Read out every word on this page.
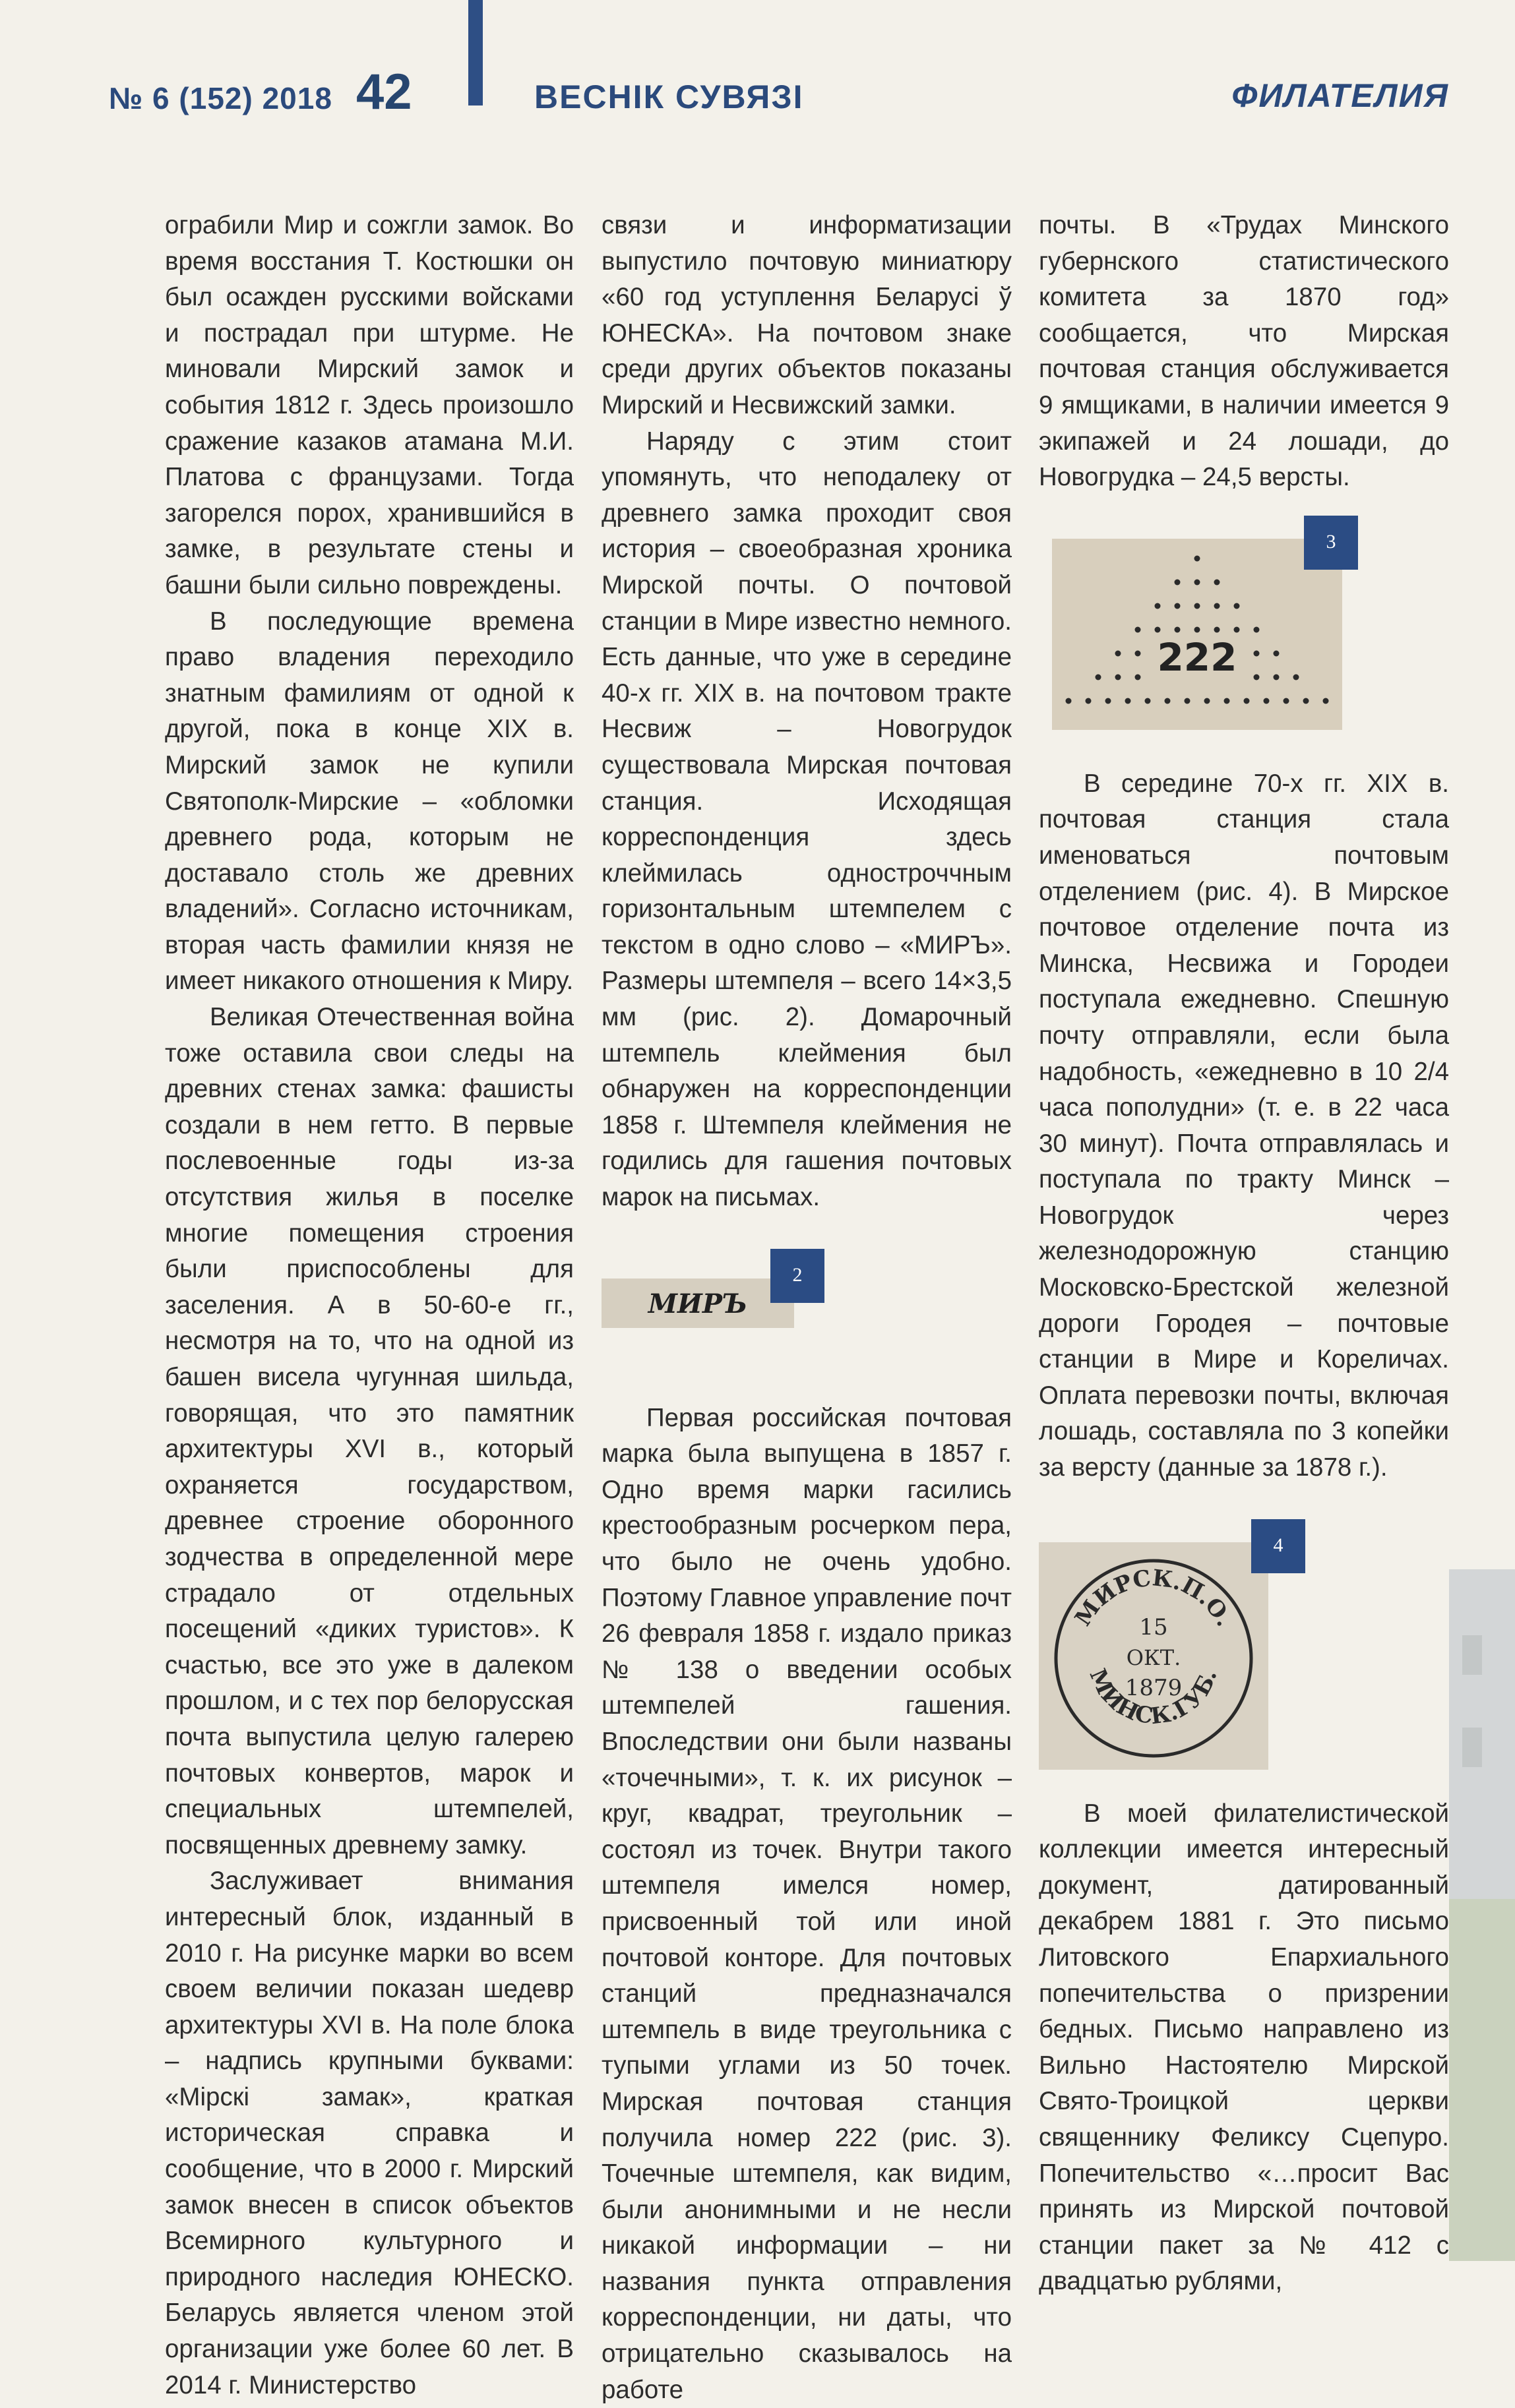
№ 6 (152) 2018 42	ВЕСНІК СУВЯЗІ	ФИЛАТЕЛИЯ

ограбили Мир и сожгли замок. Во время восстания Т. Костюшки он был осажден русскими войсками и пострадал при штурме. Не миновали Мирский замок и события 1812 г. Здесь произошло сражение казаков атамана М.И. Платова с французами. Тогда загорелся порох, хранившийся в замке, в результате стены и башни были сильно повреждены.

В последующие времена право владения переходило знатным фамилиям от одной к другой, пока в конце XIX в. Мирский замок не купили Святополк-Мирские – «обломки древнего рода, которым не доставало столь же древних владений». Согласно источникам, вторая часть фамилии князя не имеет никакого отношения к Миру.

Великая Отечественная война тоже оставила свои следы на древних стенах замка: фашисты создали в нем гетто. В первые послевоенные годы из-за отсутствия жилья в поселке многие помещения строения были приспособлены для заселения. А в 50-60-е гг., несмотря на то, что на одной из башен висела чугунная шильда, говорящая, что это памятник архитектуры XVI в., который охраняется государством, древнее строение оборонного зодчества в определенной мере страдало от отдельных посещений «диких туристов». К счастью, все это уже в далеком прошлом, и с тех пор белорусская почта выпустила целую галерею почтовых конвертов, марок и специальных штемпелей, посвященных древнему замку.

Заслуживает внимания интересный блок, изданный в 2010 г. На рисунке марки во всем своем величии показан шедевр архитектуры XVI в. На поле блока – надпись крупными буквами: «Мірскі замак», краткая историческая справка и сообщение, что в 2000 г. Мирский замок внесен в список объектов Всемирного культурного и природного наследия ЮНЕСКО. Беларусь является членом этой организации уже более 60 лет. В 2014 г. Министерство

связи и информатизации выпустило почтовую миниатюру «60 год уступлення Беларусі ў ЮНЕСКА». На почтовом знаке среди других объектов показаны Мирский и Несвижский замки.

Наряду с этим стоит упомянуть, что неподалеку от древнего замка проходит своя история – своеобразная хроника Мирской почты. О почтовой станции в Мире известно немного. Есть данные, что уже в середине 40-х гг. XIX в. на почтовом тракте Несвиж – Новогрудок существовала Мирская почтовая станция. Исходящая корреспонденция здесь клеймилась одностроччным горизонтальным штемпелем с текстом в одно слово – «МИРЪ». Размеры штемпеля – всего 14×3,5 мм (рис. 2). Домарочный штемпель клеймения был обнаружен на корреспонденции 1858 г. Штемпеля клеймения не годились для гашения почтовых марок на письмах.

МИРЪ
2

Первая российская почтовая марка была выпущена в 1857 г. Одно время марки гасились крестообразным росчерком пера, что было не очень удобно. Поэтому Главное управление почт 26 февраля 1858 г. издало приказ № 138 о введении особых штемпелей гашения. Впоследствии они были названы «точечными», т. к. их рисунок – круг, квадрат, треугольник – состоял из точек. Внутри такого штемпеля имелся номер, присвоенный той или иной почтовой конторе. Для почтовых станций предназначался штемпель в виде треугольника с тупыми углами из 50 точек. Мирская почтовая станция получила номер 222 (рис. 3). Точечные штемпеля, как видим, были анонимными и не несли никакой информации – ни названия пункта отправления корреспонденции, ни даты, что отрицательно сказывалось на работе

почты. В «Трудах Минского губернского статистического комитета за 1870 год» сообщается, что Мирская почтовая станция обслуживается 9 ямщиками, в наличии имеется 9 экипажей и 24 лошади, до Новогрудка – 24,5 версты.

222
3

В середине 70-х гг. XIX в. почтовая станция стала именоваться почтовым отделением (рис. 4). В Мирское почтовое отделение почта из Минска, Несвижа и Городеи поступала ежедневно. Спешную почту отправляли, если была надобность, «ежедневно в 10 2/4 часа пополудни» (т. е. в 22 часа 30 минут). Почта отправлялась и поступала по тракту Минск – Новогрудок через железнодорожную станцию Московско-Брестской железной дороги Городея – почтовые станции в Мире и Кореличах. Оплата перевозки почты, включая лошадь, составляла по 3 копейки за версту (данные за 1878 г.).

МИРСК.П.О.
МИНСК.ГУБ.
15
ОКТ.
1879
4

В моей филателистической коллекции имеется интересный документ, датированный декабрем 1881 г. Это письмо Литовского Епархиального попечительства о призрении бедных. Письмо направлено из Вильно Настоятелю Мирской Свято-Троицкой церкви священнику Феликсу Сцепуро. Попечительство «…просит Вас принять из Мирской почтовой станции пакет за № 412 с двадцатью рублями,
